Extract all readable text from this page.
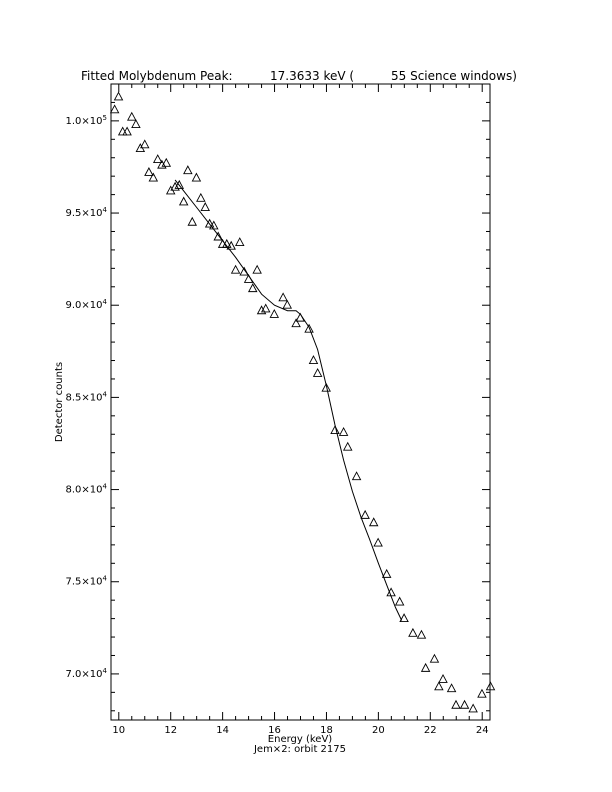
Fitted Molybdenum Peak:	17.3633 keV (	55 Science windows)
10	12	14	16	18	20	22	24
$7.0\times 10^4$
$7.5\times 10^4$
$8.0\times 10^4$
$8.5\times 10^4$
$9.0\times 10^4$
$9.5\times 10^4$
$1.0\times 10^5$
Energy (keV)
Jem×2: orbit 2175
Detector counts
